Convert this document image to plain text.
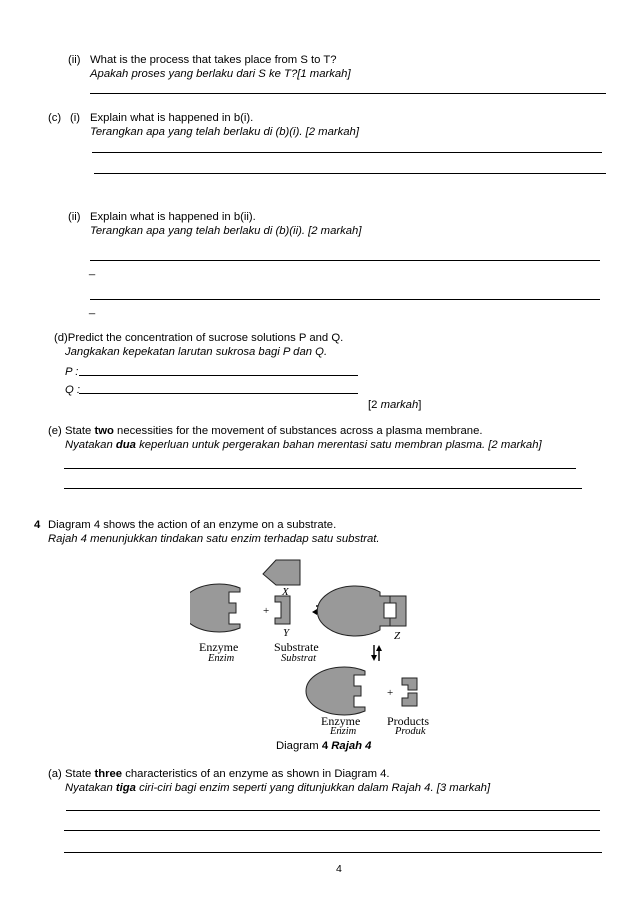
(ii) What is the process that takes place from S to T?
Apakah proses yang berlaku dari S ke T?[1 markah]
(c) (i) Explain what is happened in b(i).
Terangkan apa yang telah berlaku di (b)(i). [2 markah]
(ii) Explain what is happened in b(ii).
Terangkan apa yang telah berlaku di (b)(ii). [2 markah]
_
_
(d)Predict the concentration of sucrose solutions P and Q.
Jangkakan kepekatan larutan sukrosa bagi P dan Q.
P :
Q :
[2 markah]
(e) State two necessities for the movement of substances across a plasma membrane.
Nyatakan dua keperluan untuk pergerakan bahan merentasi satu membran plasma. [2 markah]
4 Diagram 4 shows the action of an enzyme on a substrate.
Rajah 4 menunjukkan tindakan satu enzim terhadap satu substrat.
+
+
X
Y	Z
Enzyme
Enzim
Substrate
Substrat
Enzyme
Enzim
Products
Produk
Diagram 4 Rajah 4
(a) State three characteristics of an enzyme as shown in Diagram 4.
Nyatakan tiga ciri-ciri bagi enzim seperti yang ditunjukkan dalam Rajah 4. [3 markah]
4
